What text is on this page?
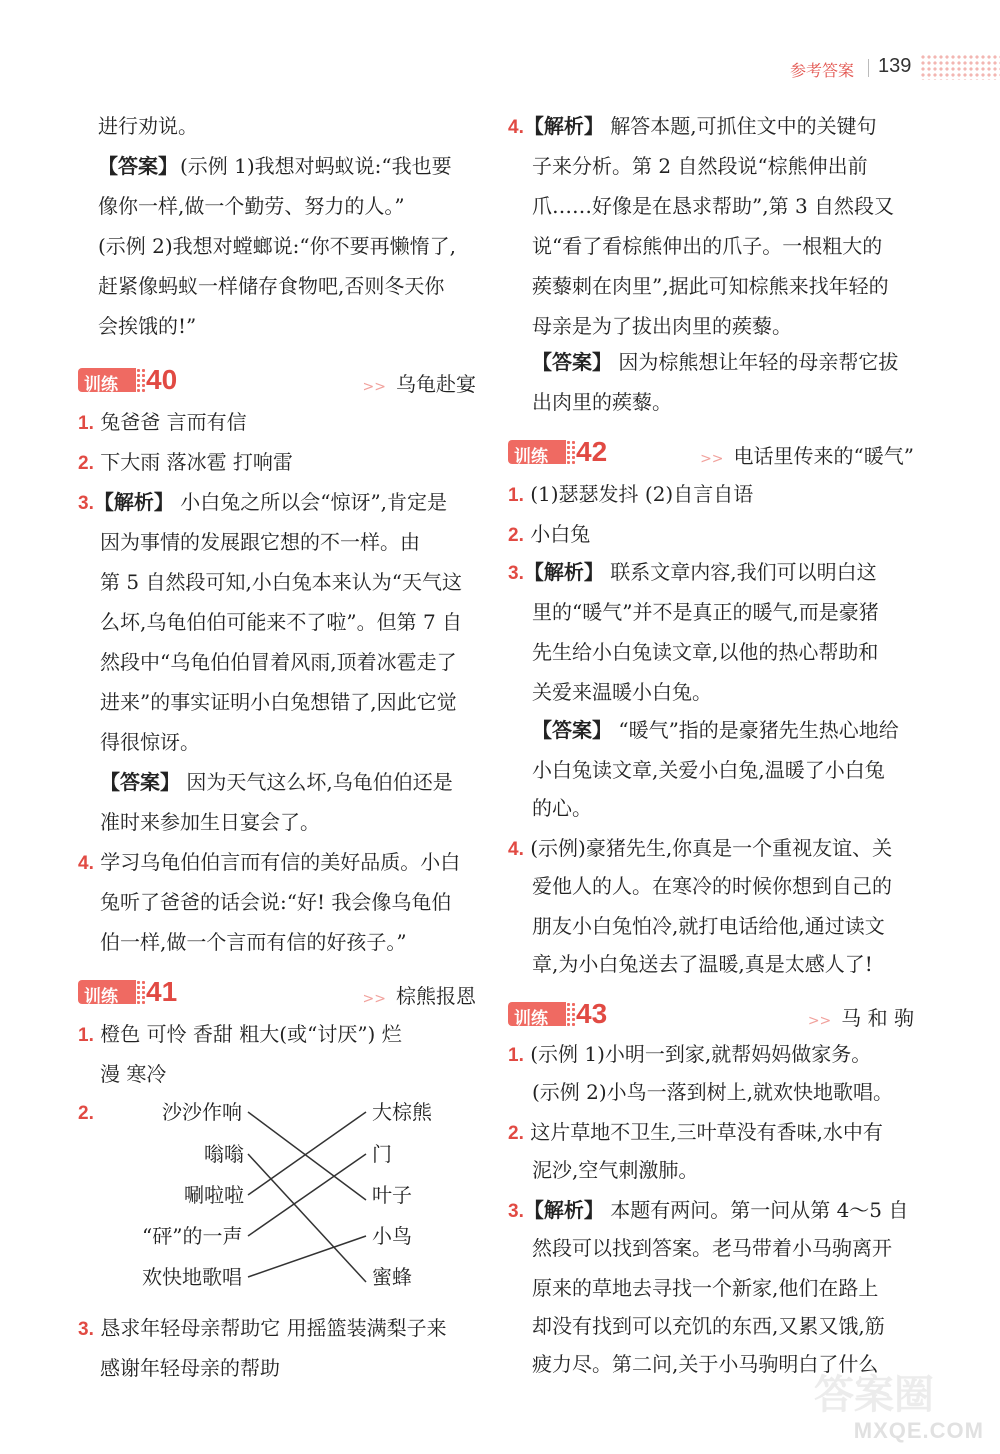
参考答案 139
进行劝说。
【答案】 (示例 1)我想对蚂蚁说:“我也要
像你一样,做一个勤劳、努力的人。”
(示例 2)我想对螳螂说:“你不要再懒惰了,
赶紧像蚂蚁一样储存食物吧,否则冬天你
会挨饿的!”
训练 40	>> 乌龟赴宴
1. 兔爸爸 言而有信
2. 下大雨 落冰雹 打响雷
3.【解析】 小白兔之所以会“惊讶”,肯定是
因为事情的发展跟它想的不一样。由
第 5 自然段可知,小白兔本来认为“天气这
么坏,乌龟伯伯可能来不了啦”。但第 7 自
然段中“乌龟伯伯冒着风雨,顶着冰雹走了
进来”的事实证明小白兔想错了,因此它觉
得很惊讶。
【答案】 因为天气这么坏,乌龟伯伯还是
准时来参加生日宴会了。
4. 学习乌龟伯伯言而有信的美好品质。小白
兔听了爸爸的话会说:“好! 我会像乌龟伯
伯一样,做一个言而有信的好孩子。”
训练 41	>> 棕熊报恩
1. 橙色 可怜 香甜 粗大(或“讨厌”) 烂
漫 寒冷
2.	沙沙作响
嗡嗡
唰啦啦
“砰”的一声
欢快地歌唱
大棕熊
门
叶子
小鸟
蜜蜂
3. 恳求年轻母亲帮助它 用摇篮装满梨子来
感谢年轻母亲的帮助
4.【解析】 解答本题,可抓住文中的关键句
子来分析。第 2 自然段说“棕熊伸出前
爪……好像是在恳求帮助”,第 3 自然段又
说“看了看棕熊伸出的爪子。一根粗大的
蒺藜刺在肉里”,据此可知棕熊来找年轻的
母亲是为了拔出肉里的蒺藜。
【答案】 因为棕熊想让年轻的母亲帮它拔
出肉里的蒺藜。
训练 42	>> 电话里传来的“暖气”
1. (1)瑟瑟发抖 (2)自言自语
2. 小白兔
3.【解析】 联系文章内容,我们可以明白这
里的“暖气”并不是真正的暖气,而是豪猪
先生给小白兔读文章,以他的热心帮助和
关爱来温暖小白兔。
【答案】 “暖气”指的是豪猪先生热心地给
小白兔读文章,关爱小白兔,温暖了小白兔
的心。
4. (示例)豪猪先生,你真是一个重视友谊、关
爱他人的人。在寒冷的时候你想到自己的
朋友小白兔怕冷,就打电话给他,通过读文
章,为小白兔送去了温暖,真是太感人了!
训练 43	>> 马 和 驹
1. (示例 1)小明一到家,就帮妈妈做家务。
(示例 2)小鸟一落到树上,就欢快地歌唱。
2. 这片草地不卫生,三叶草没有香味,水中有
泥沙,空气刺激肺。
3.【解析】 本题有两问。第一问从第 4～5 自
然段可以找到答案。老马带着小马驹离开
原来的草地去寻找一个新家,他们在路上
却没有找到可以充饥的东西,又累又饿,筋
疲力尽。第二问,关于小马驹明白了什么
答案圈
MXQE.COM
